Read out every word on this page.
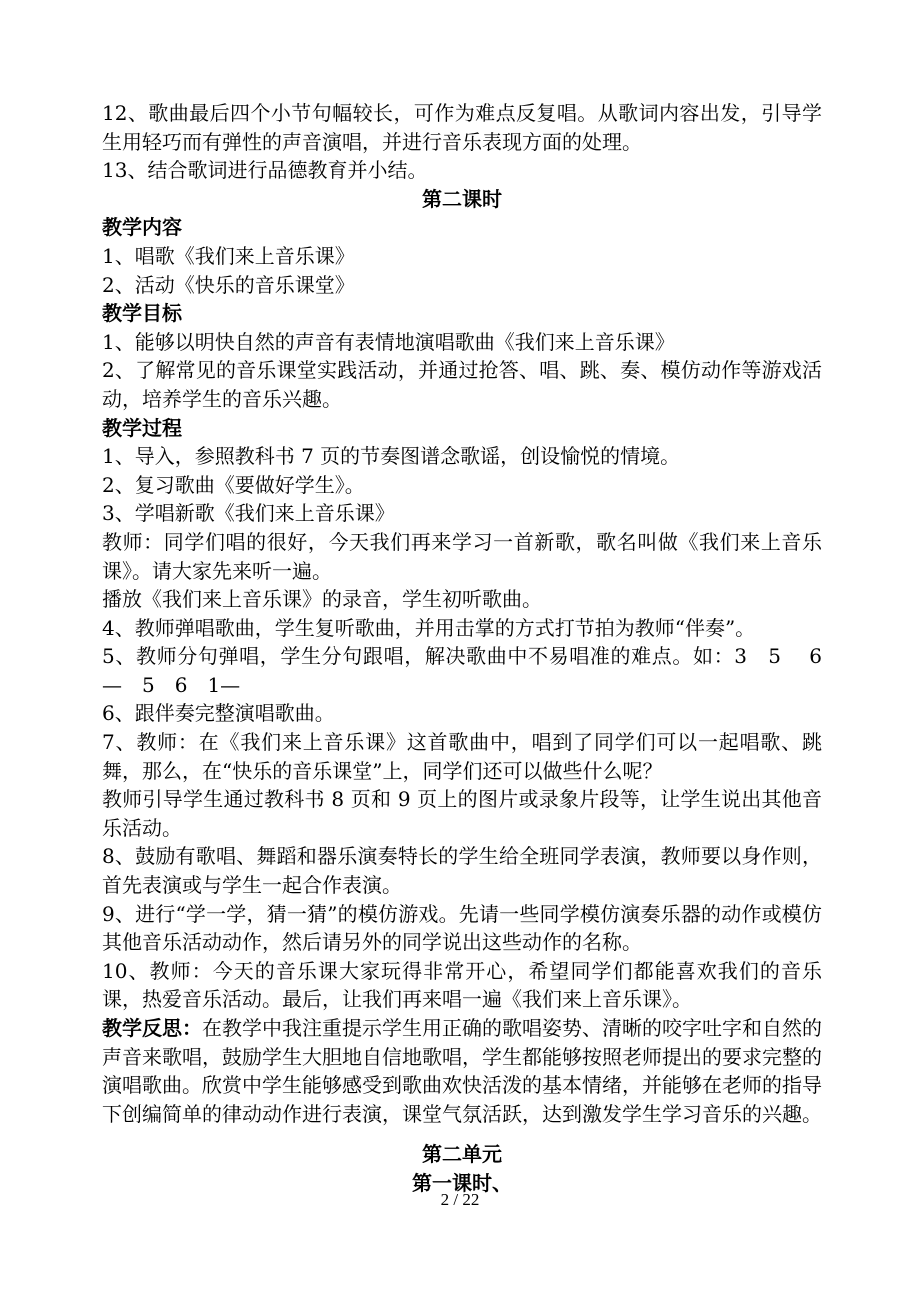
12、歌曲最后四个小节句幅较长，可作为难点反复唱。从歌词内容出发，引导学生用轻巧而有弹性的声音演唱，并进行音乐表现方面的处理。
13、结合歌词进行品德教育并小结。
第二课时
教学内容
1、唱歌《我们来上音乐课》
2、活动《快乐的音乐课堂》
教学目标
1、能够以明快自然的声音有表情地演唱歌曲《我们来上音乐课》
2、了解常见的音乐课堂实践活动，并通过抢答、唱、跳、奏、模仿动作等游戏活动，培养学生的音乐兴趣。
教学过程
1、导入，参照教科书 7 页的节奏图谱念歌谣，创设愉悦的情境。
2、复习歌曲《要做好学生》。
3、学唱新歌《我们来上音乐课》
教师：同学们唱的很好，今天我们再来学习一首新歌，歌名叫做《我们来上音乐课》。请大家先来听一遍。
播放《我们来上音乐课》的录音，学生初听歌曲。
4、教师弹唱歌曲，学生复听歌曲，并用击掌的方式打节拍为教师“伴奏”。
5、教师分句弹唱，学生分句跟唱，解决歌曲中不易唱准的难点。如：3　5　 6　—　5　6　1—
6、跟伴奏完整演唱歌曲。
7、教师：在《我们来上音乐课》这首歌曲中，唱到了同学们可以一起唱歌、跳舞，那么，在“快乐的音乐课堂”上，同学们还可以做些什么呢？
教师引导学生通过教科书 8 页和 9 页上的图片或录象片段等，让学生说出其他音乐活动。
8、鼓励有歌唱、舞蹈和器乐演奏特长的学生给全班同学表演，教师要以身作则，首先表演或与学生一起合作表演。
9、进行“学一学，猜一猜”的模仿游戏。先请一些同学模仿演奏乐器的动作或模仿其他音乐活动动作，然后请另外的同学说出这些动作的名称。
10、教师：今天的音乐课大家玩得非常开心，希望同学们都能喜欢我们的音乐课，热爱音乐活动。最后，让我们再来唱一遍《我们来上音乐课》。
教学反思：在教学中我注重提示学生用正确的歌唱姿势、清晰的咬字吐字和自然的声音来歌唱，鼓励学生大胆地自信地歌唱，学生都能够按照老师提出的要求完整的演唱歌曲。欣赏中学生能够感受到歌曲欢快活泼的基本情绪，并能够在老师的指导下创编简单的律动动作进行表演，课堂气氛活跃，达到激发学生学习音乐的兴趣。
第二单元
第一课时、
2 / 22
